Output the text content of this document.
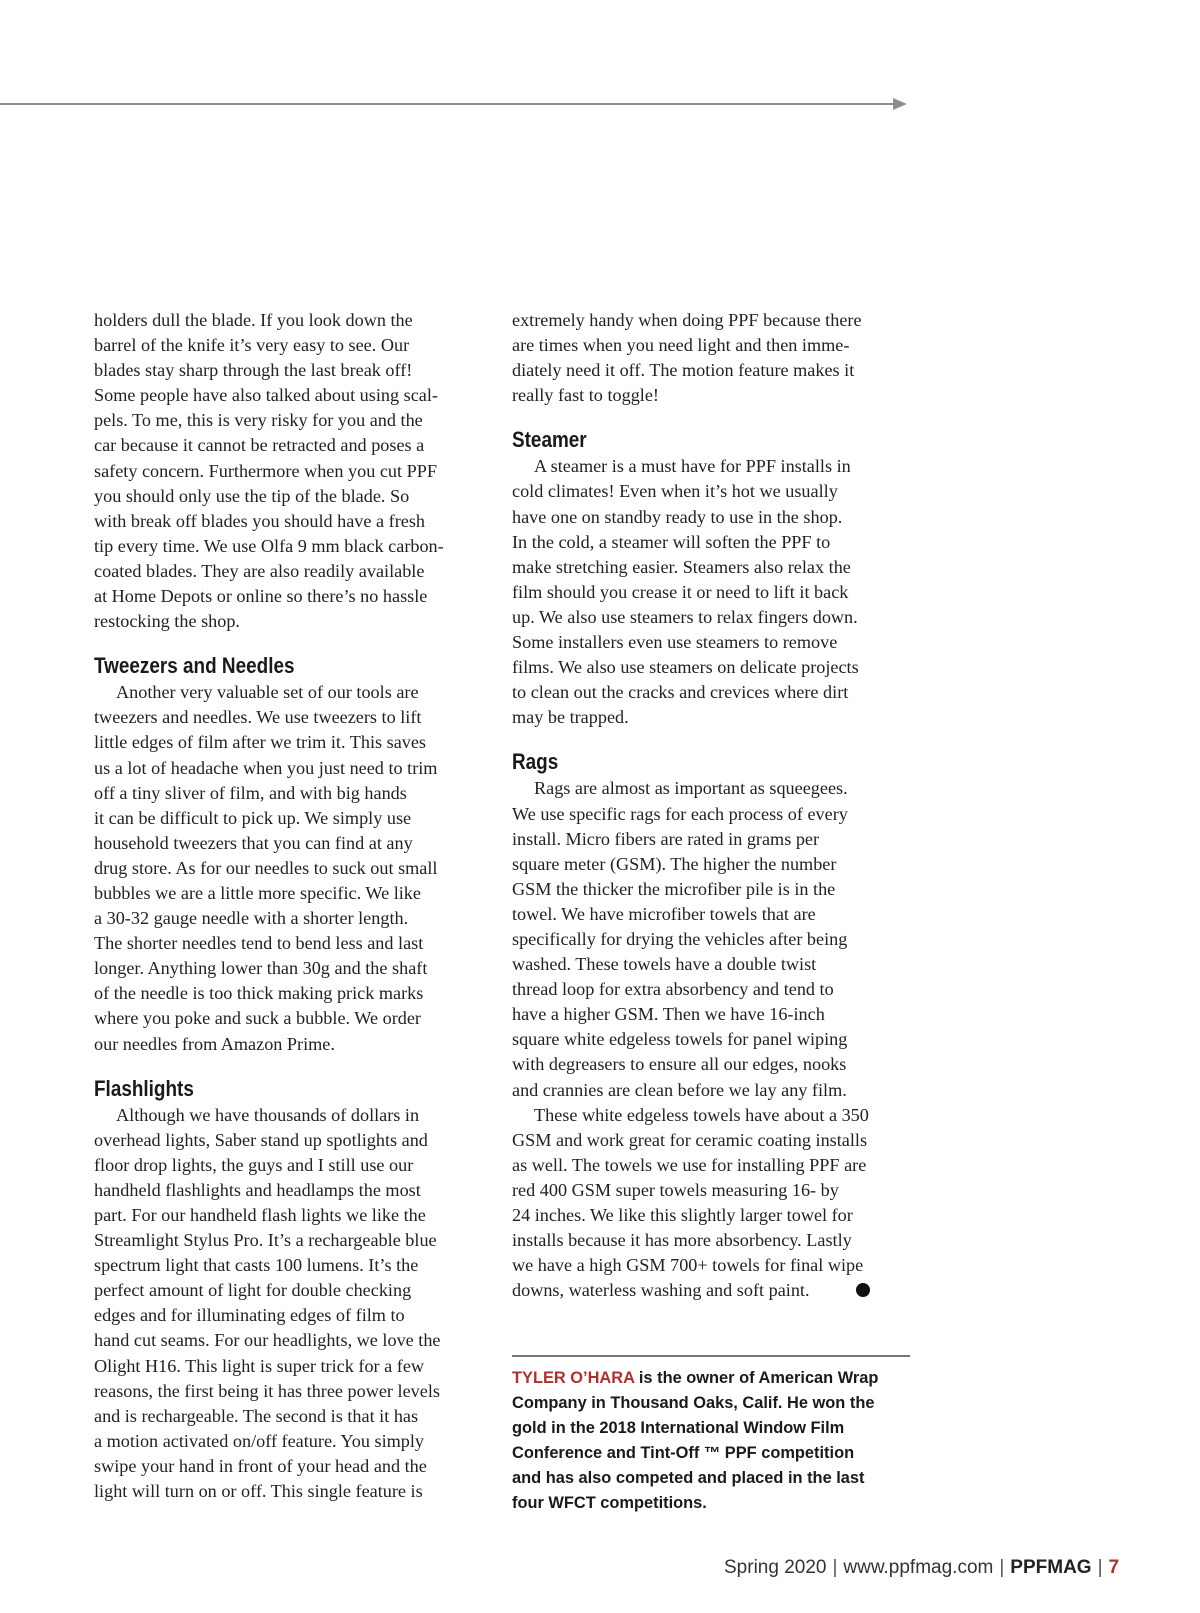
holders dull the blade. If you look down the
barrel of the knife it’s very easy to see. Our
blades stay sharp through the last break off!
Some people have also talked about using scal-
pels. To me, this is very risky for you and the
car because it cannot be retracted and poses a
safety concern. Furthermore when you cut PPF
you should only use the tip of the blade. So
with break off blades you should have a fresh
tip every time. We use Olfa 9 mm black carbon-
coated blades. They are also readily available
at Home Depots or online so there’s no hassle
restocking the shop.
Tweezers and Needles
Another very valuable set of our tools are
tweezers and needles. We use tweezers to lift
little edges of film after we trim it. This saves
us a lot of headache when you just need to trim
off a tiny sliver of film, and with big hands
it can be difficult to pick up. We simply use
household tweezers that you can find at any
drug store. As for our needles to suck out small
bubbles we are a little more specific. We like
a 30-32 gauge needle with a shorter length.
The shorter needles tend to bend less and last
longer. Anything lower than 30g and the shaft
of the needle is too thick making prick marks
where you poke and suck a bubble. We order
our needles from Amazon Prime.
Flashlights
Although we have thousands of dollars in
overhead lights, Saber stand up spotlights and
floor drop lights, the guys and I still use our
handheld flashlights and headlamps the most
part. For our handheld flash lights we like the
Streamlight Stylus Pro. It’s a rechargeable blue
spectrum light that casts 100 lumens. It’s the
perfect amount of light for double checking
edges and for illuminating edges of film to
hand cut seams. For our headlights, we love the
Olight H16. This light is super trick for a few
reasons, the first being it has three power levels
and is rechargeable. The second is that it has
a motion activated on/off feature. You simply
swipe your hand in front of your head and the
light will turn on or off. This single feature is
extremely handy when doing PPF because there
are times when you need light and then imme-
diately need it off. The motion feature makes it
really fast to toggle!
Steamer
A steamer is a must have for PPF installs in
cold climates! Even when it’s hot we usually
have one on standby ready to use in the shop.
In the cold, a steamer will soften the PPF to
make stretching easier. Steamers also relax the
film should you crease it or need to lift it back
up. We also use steamers to relax fingers down.
Some installers even use steamers to remove
films. We also use steamers on delicate projects
to clean out the cracks and crevices where dirt
may be trapped.
Rags
Rags are almost as important as squeegees.
We use specific rags for each process of every
install. Micro fibers are rated in grams per
square meter (GSM). The higher the number
GSM the thicker the microfiber pile is in the
towel. We have microfiber towels that are
specifically for drying the vehicles after being
washed. These towels have a double twist
thread loop for extra absorbency and tend to
have a higher GSM. Then we have 16-inch
square white edgeless towels for panel wiping
with degreasers to ensure all our edges, nooks
and crannies are clean before we lay any film.
These white edgeless towels have about a 350
GSM and work great for ceramic coating installs
as well. The towels we use for installing PPF are
red 400 GSM super towels measuring 16- by
24 inches. We like this slightly larger towel for
installs because it has more absorbency. Lastly
we have a high GSM 700+ towels for final wipe
downs, waterless washing and soft paint.
TYLER O’HARA is the owner of American Wrap
Company in Thousand Oaks, Calif. He won the
gold in the 2018 International Window Film
Conference and Tint-Off ™ PPF competition
and has also competed and placed in the last
four WFCT competitions.
Spring 2020 | www.ppfmag.com | PPFMAG | 7
